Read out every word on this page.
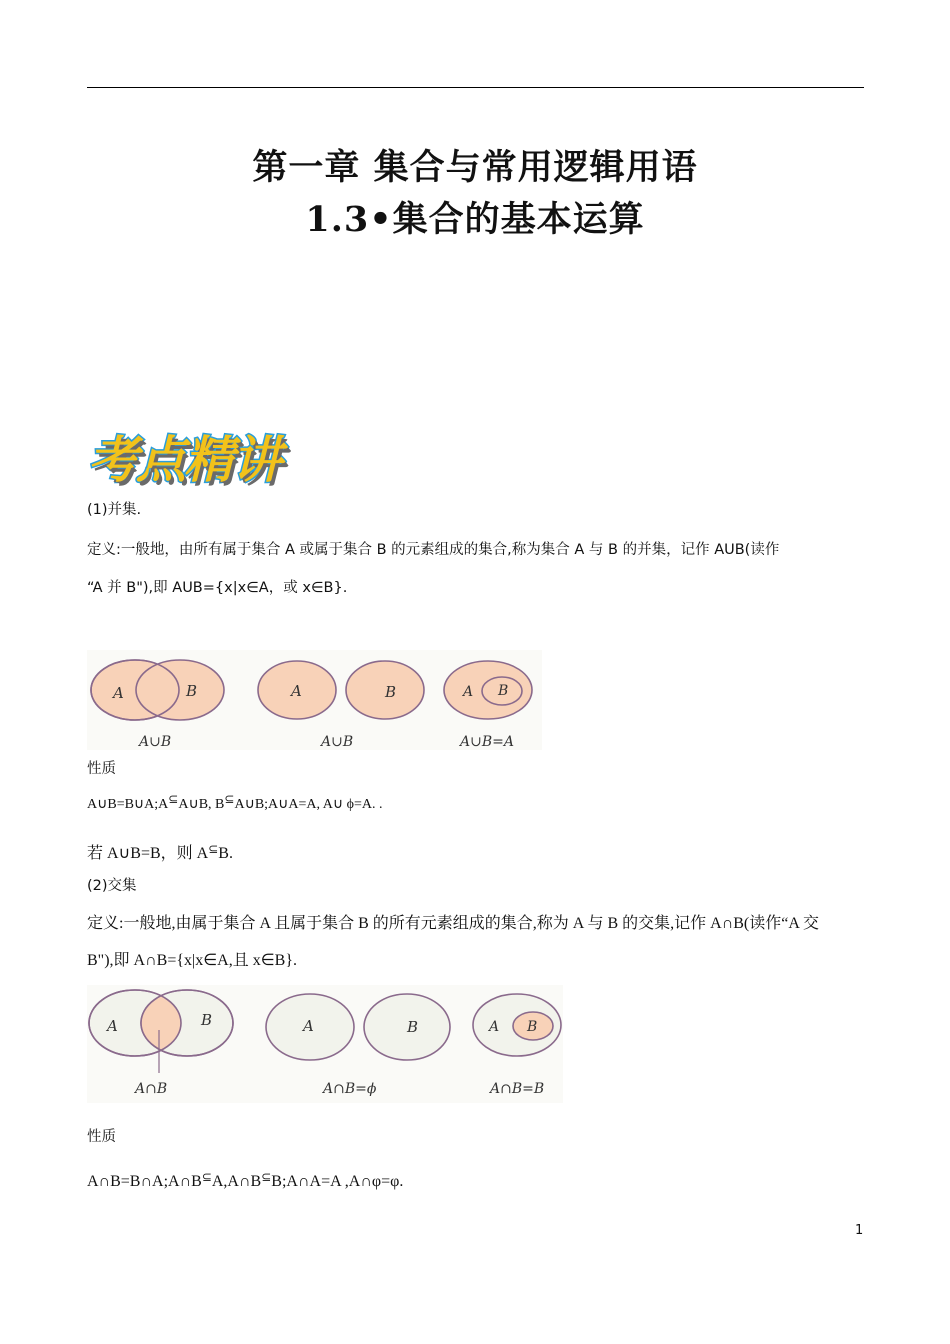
第一章 集合与常用逻辑用语
1.3•集合的基本运算
考点精讲
(1)并集.
定义:一般地，由所有属于集合 A 或属于集合 B 的元素组成的集合,称为集合 A 与 B 的并集，记作 AUB(读作
“A 并 B"),即 AUB={x|x∈A，或 x∈B}.
A	B
A∪B
A	B
A∪B
A B
A∪B=A
性质
A∪B=B∪A;A⊆A∪B, B⊆A∪B;A∪A=A, A∪ ϕ=A. .
若 A∪B=B，则 A⊆B.
(2)交集
定义:一般地,由属于集合 A 且属于集合 B 的所有元素组成的集合,称为 A 与 B 的交集,记作 A∩B(读作“A 交
B"),即 A∩B={x|x∈A,且 x∈B}.
A	B
A∩B
A	B
A∩B=ϕ
A B
A∩B=B
性质
A∩B=B∩A;A∩B⊆A,A∩B⊆B;A∩A=A ,A∩φ=φ.
1
